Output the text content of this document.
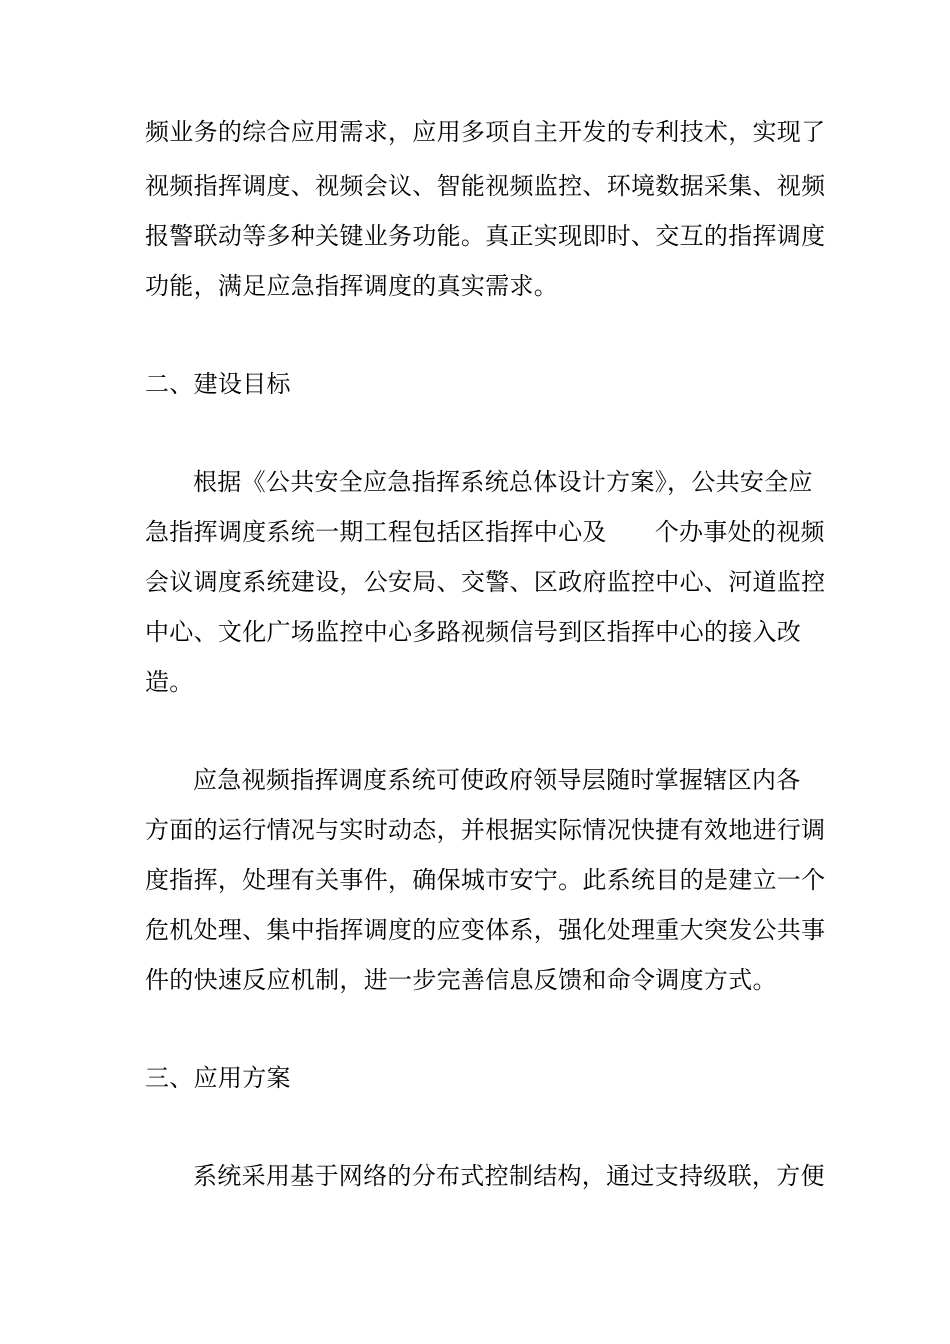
频业务的综合应用需求，应用多项自主开发的专利技术，实现了
视频指挥调度、视频会议、智能视频监控、环境数据采集、视频
报警联动等多种关键业务功能。真正实现即时、交互的指挥调度
功能，满足应急指挥调度的真实需求。
二、建设目标
根据《公共安全应急指挥系统总体设计方案》，公共安全应
急指挥调度系统一期工程包括区指挥中心及 个办事处的视频
会议调度系统建设，公安局、交警、区政府监控中心、河道监控
中心、文化广场监控中心多路视频信号到区指挥中心的接入改
造。
应急视频指挥调度系统可使政府领导层随时掌握辖区内各
方面的运行情况与实时动态，并根据实际情况快捷有效地进行调
度指挥，处理有关事件，确保城市安宁。此系统目的是建立一个
危机处理、集中指挥调度的应变体系，强化处理重大突发公共事
件的快速反应机制，进一步完善信息反馈和命令调度方式。
三、应用方案
系统采用基于网络的分布式控制结构，通过支持级联，方便
